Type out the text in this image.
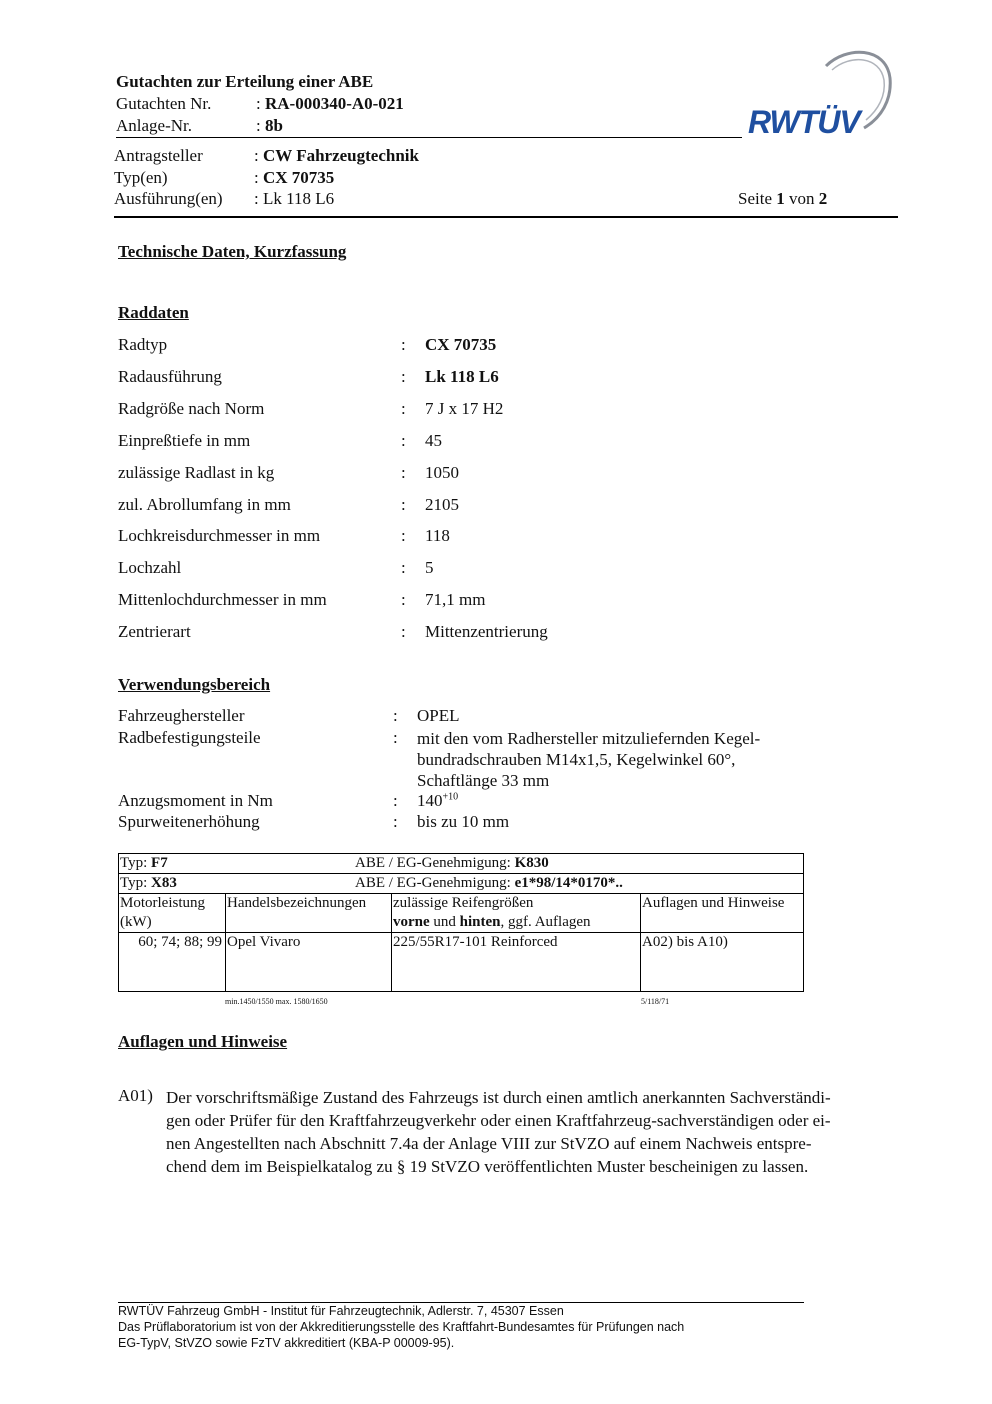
Gutachten zur Erteilung einer ABE
Gutachten Nr.	: RA-000340-A0-021
Anlage-Nr.	: 8b	RWTÜV
Antragsteller	: CW Fahrzeugtechnik
Typ(en)	: CX 70735
Ausführung(en) : Lk 118 L6	Seite 1 von 2
Technische Daten, Kurzfassung
Raddaten
Radtyp	: CX 70735
Radausführung	: Lk 118 L6
Radgröße nach Norm	: 7 J x 17 H2
Einpreßtiefe in mm	: 45
zulässige Radlast in kg	: 1050
zul. Abrollumfang in mm	: 2105
Lochkreisdurchmesser in mm	: 118
Lochzahl	: 5
Mittenlochdurchmesser in mm	: 71,1 mm
Zentrierart	: Mittenzentrierung
Verwendungsbereich
Fahrzeughersteller	: OPEL
Radbefestigungsteile	: mit den vom Radhersteller mitzuliefernden Kegel-
bundradschrauben M14x1,5, Kegelwinkel 60°,
Schaftlänge 33 mm
Anzugsmoment in Nm	: $140^{+10}$
Spurweitenerhöhung	: bis zu 10 mm
Typ: F7 ABE / EG-Genehmigung: K830			

Typ: X83 ABE / EG-Genehmigung: e1*98/14*0170*..			

Motorleistung (kW)	Handelsbezeichnungen	zulässige Reifengrößen
vorne und hinten, ggf. Auflagen	Auflagen und Hinweise
60; 74; 88; 99	Opel Vivaro	225/55R17-101 Reinforced	A02) bis A10)
min.1450/1550 max. 1580/1650	5/118/71
Auflagen und Hinweise
A01) Der vorschriftsmäßige Zustand des Fahrzeugs ist durch einen amtlich anerkannten Sachverständi-
gen oder Prüfer für den Kraftfahrzeugverkehr oder einen Kraftfahrzeug-sachverständigen oder ei-
nen Angestellten nach Abschnitt 7.4a der Anlage VIII zur StVZO auf einem Nachweis entspre-
chend dem im Beispielkatalog zu § 19 StVZO veröffentlichten Muster bescheinigen zu lassen.
RWTÜV Fahrzeug GmbH - Institut für Fahrzeugtechnik, Adlerstr. 7, 45307 Essen
Das Prüflaboratorium ist von der Akkreditierungsstelle des Kraftfahrt-Bundesamtes für Prüfungen nach
EG-TypV, StVZO sowie FzTV akkreditiert (KBA-P 00009-95).
